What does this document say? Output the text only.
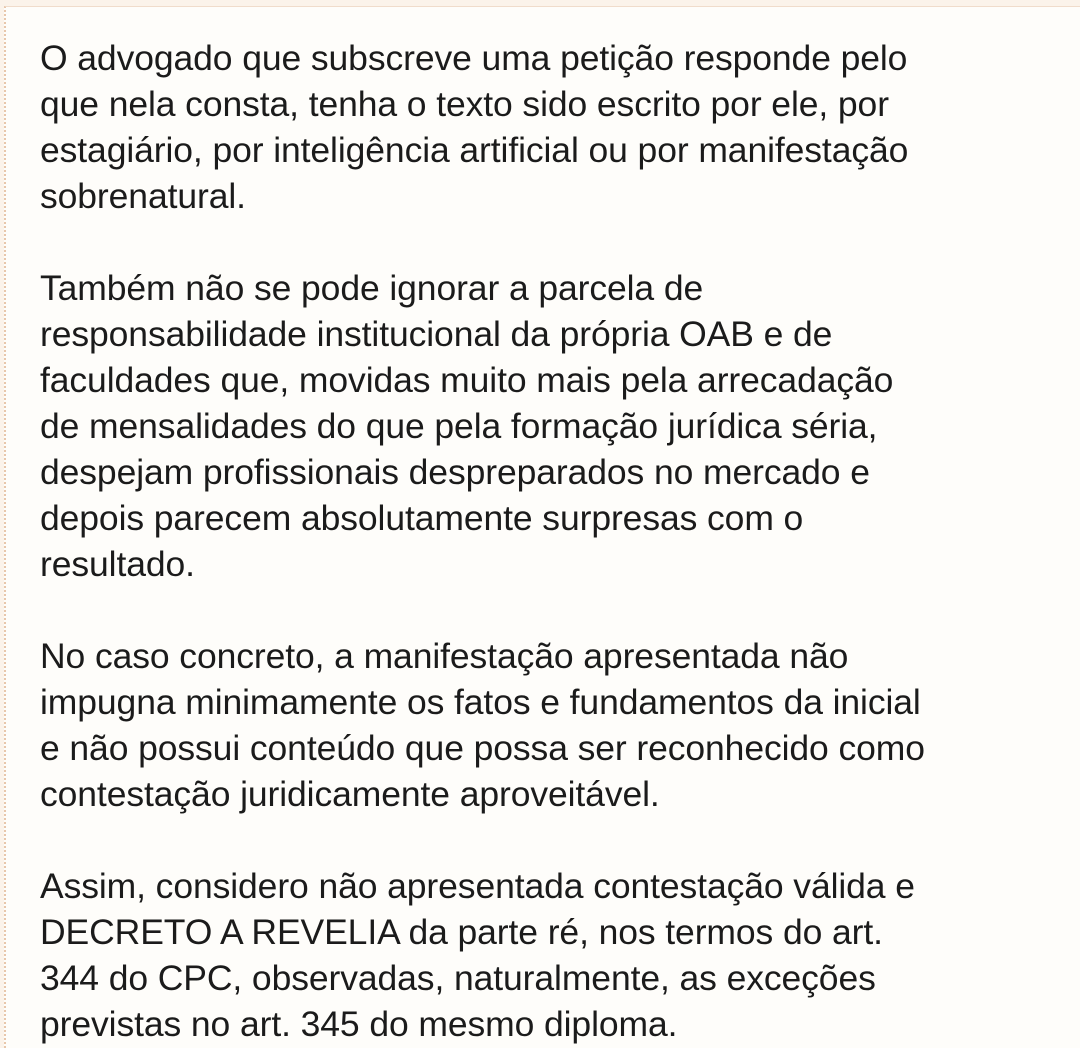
O advogado que subscreve uma petição responde pelo
que nela consta, tenha o texto sido escrito por ele, por
estagiário, por inteligência artificial ou por manifestação
sobrenatural.

Também não se pode ignorar a parcela de
responsabilidade institucional da própria OAB e de
faculdades que, movidas muito mais pela arrecadação
de mensalidades do que pela formação jurídica séria,
despejam profissionais despreparados no mercado e
depois parecem absolutamente surpresas com o
resultado.

No caso concreto, a manifestação apresentada não
impugna minimamente os fatos e fundamentos da inicial
e não possui conteúdo que possa ser reconhecido como
contestação juridicamente aproveitável.

Assim, considero não apresentada contestação válida e
DECRETO A REVELIA da parte ré, nos termos do art.
344 do CPC, observadas, naturalmente, as exceções
previstas no art. 345 do mesmo diploma.
